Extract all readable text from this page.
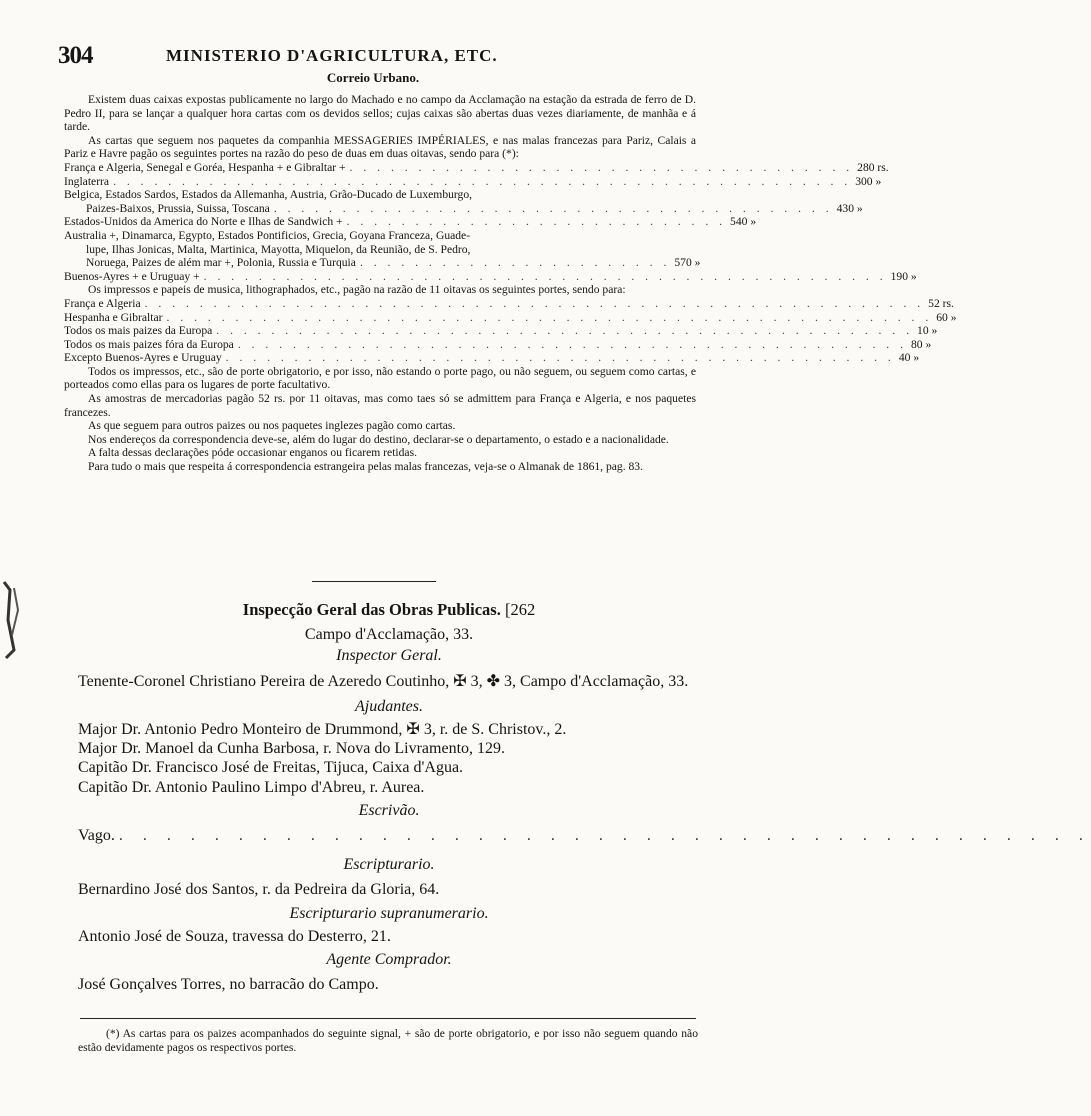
304	MINISTERIO D'AGRICULTURA, ETC.
Correio Urbano.

Existem duas caixas expostas publicamente no largo do Machado e no campo da Acclamação na estação da estrada de ferro de D. Pedro II, para se lançar a qualquer hora cartas com os devidos sellos; cujas caixas são abertas duas vezes diariamente, de manhãa e á tarde.

As cartas que seguem nos paquetes da companhia MESSAGERIES IMPÉRIALES, e nas malas francezas para Pariz, Calais a Pariz e Havre pagão os seguintes portes na razão do peso de duas em duas oitavas, sendo para (*):

França e Algeria, Senegal e Goréa, Hespanha + e Gibraltar + . . . . . . . . . . . . . . . . . . . . . . . . . . . . . . . . . . . . . 280 rs.
Inglaterra . . . . . . . . . . . . . . . . . . . . . . . . . . . . . . . . . . . . . . . . . . . . . . . . . . . . . . 300 »
Belgica, Estados Sardos, Estados da Allemanha, Austria, Grão-Ducado de Luxemburgo,
Paizes-Baixos, Prussia, Suissa, Toscana . . . . . . . . . . . . . . . . . . . . . . . . . . . . . . . . . . . . . . . . . 430 »
Estados-Unidos da America do Norte e Ilhas de Sandwich + . . . . . . . . . . . . . . . . . . . . . . . . . . . . 540 »
Australia +, Dinamarca, Egypto, Estados Pontificios, Grecia, Goyana Franceza, Guade-
lupe, Ilhas Jonicas, Malta, Martinica, Mayotta, Miquelon, da Reunião, de S. Pedro,
Noruega, Paizes de além mar +, Polonia, Russia e Turquia . . . . . . . . . . . . . . . . . . . . . . . 570 »
Buenos-Ayres + e Uruguay + . . . . . . . . . . . . . . . . . . . . . . . . . . . . . . . . . . . . . . . . . . . . . . . . . . 190 »

Os impressos e papeis de musica, lithographados, etc., pagão na razão de 11 oitavas os seguintes portes, sendo para:

França e Algeria . . . . . . . . . . . . . . . . . . . . . . . . . . . . . . . . . . . . . . . . . . . . . . . . . . . . . . . . . 52 rs.
Hespanha e Gibraltar . . . . . . . . . . . . . . . . . . . . . . . . . . . . . . . . . . . . . . . . . . . . . . . . . . . . . . . . 60 »
Todos os mais paizes da Europa . . . . . . . . . . . . . . . . . . . . . . . . . . . . . . . . . . . . . . . . . . . . . . . . . . . 10 »
Todos os mais paizes fóra da Europa . . . . . . . . . . . . . . . . . . . . . . . . . . . . . . . . . . . . . . . . . . . . . . . . . 80 »
Excepto Buenos-Ayres e Uruguay . . . . . . . . . . . . . . . . . . . . . . . . . . . . . . . . . . . . . . . . . . . . . . . . . 40 »

Todos os impressos, etc., são de porte obrigatorio, e por isso, não estando o porte pago, ou não seguem, ou seguem como cartas, e porteados como ellas para os lugares de porte facultativo.

As amostras de mercadorias pagão 52 rs. por 11 oitavas, mas como taes só se admittem para França e Algeria, e nos paquetes francezes.

As que seguem para outros paizes ou nos paquetes inglezes pagão como cartas.

Nos endereços da correspondencia deve-se, além do lugar do destino, declarar-se o departamento, o estado e a nacionalidade.

A falta dessas declarações póde occasionar enganos ou ficarem retidas.

Para tudo o mais que respeita á correspondencia estrangeira pelas malas francezas, veja-se o Almanak de 1861, pag. 83.

Inspecção Geral das Obras Publicas. [262
Campo d'Acclamação, 33.
Inspector Geral.

Tenente-Coronel Christiano Pereira de Azeredo Coutinho, ✠ 3, ✤ 3, Campo d'Acclamação, 33.

Ajudantes.

Major Dr. Antonio Pedro Monteiro de Drummond, ✠ 3, r. de S. Christov., 2.

Major Dr. Manoel da Cunha Barbosa, r. Nova do Livramento, 129.

Capitão Dr. Francisco José de Freitas, Tijuca, Caixa d'Agua.

Capitão Dr. Antonio Paulino Limpo d'Abreu, r. Aurea.

Escrivão.
Vago. . . . . . . . . . . . . . . . . . . . . . . . . . . . . . . . . . . . . . . . . .
Escripturario.

Bernardino José dos Santos, r. da Pedreira da Gloria, 64.

Escripturario supranumerario.

Antonio José de Souza, travessa do Desterro, 21.

Agente Comprador.

José Gonçalves Torres, no barracão do Campo.

(*) As cartas para os paizes acompanhados do seguinte signal, + são de porte obrigatorio, e por isso não seguem quando não estão devidamente pagos os respectivos portes.
